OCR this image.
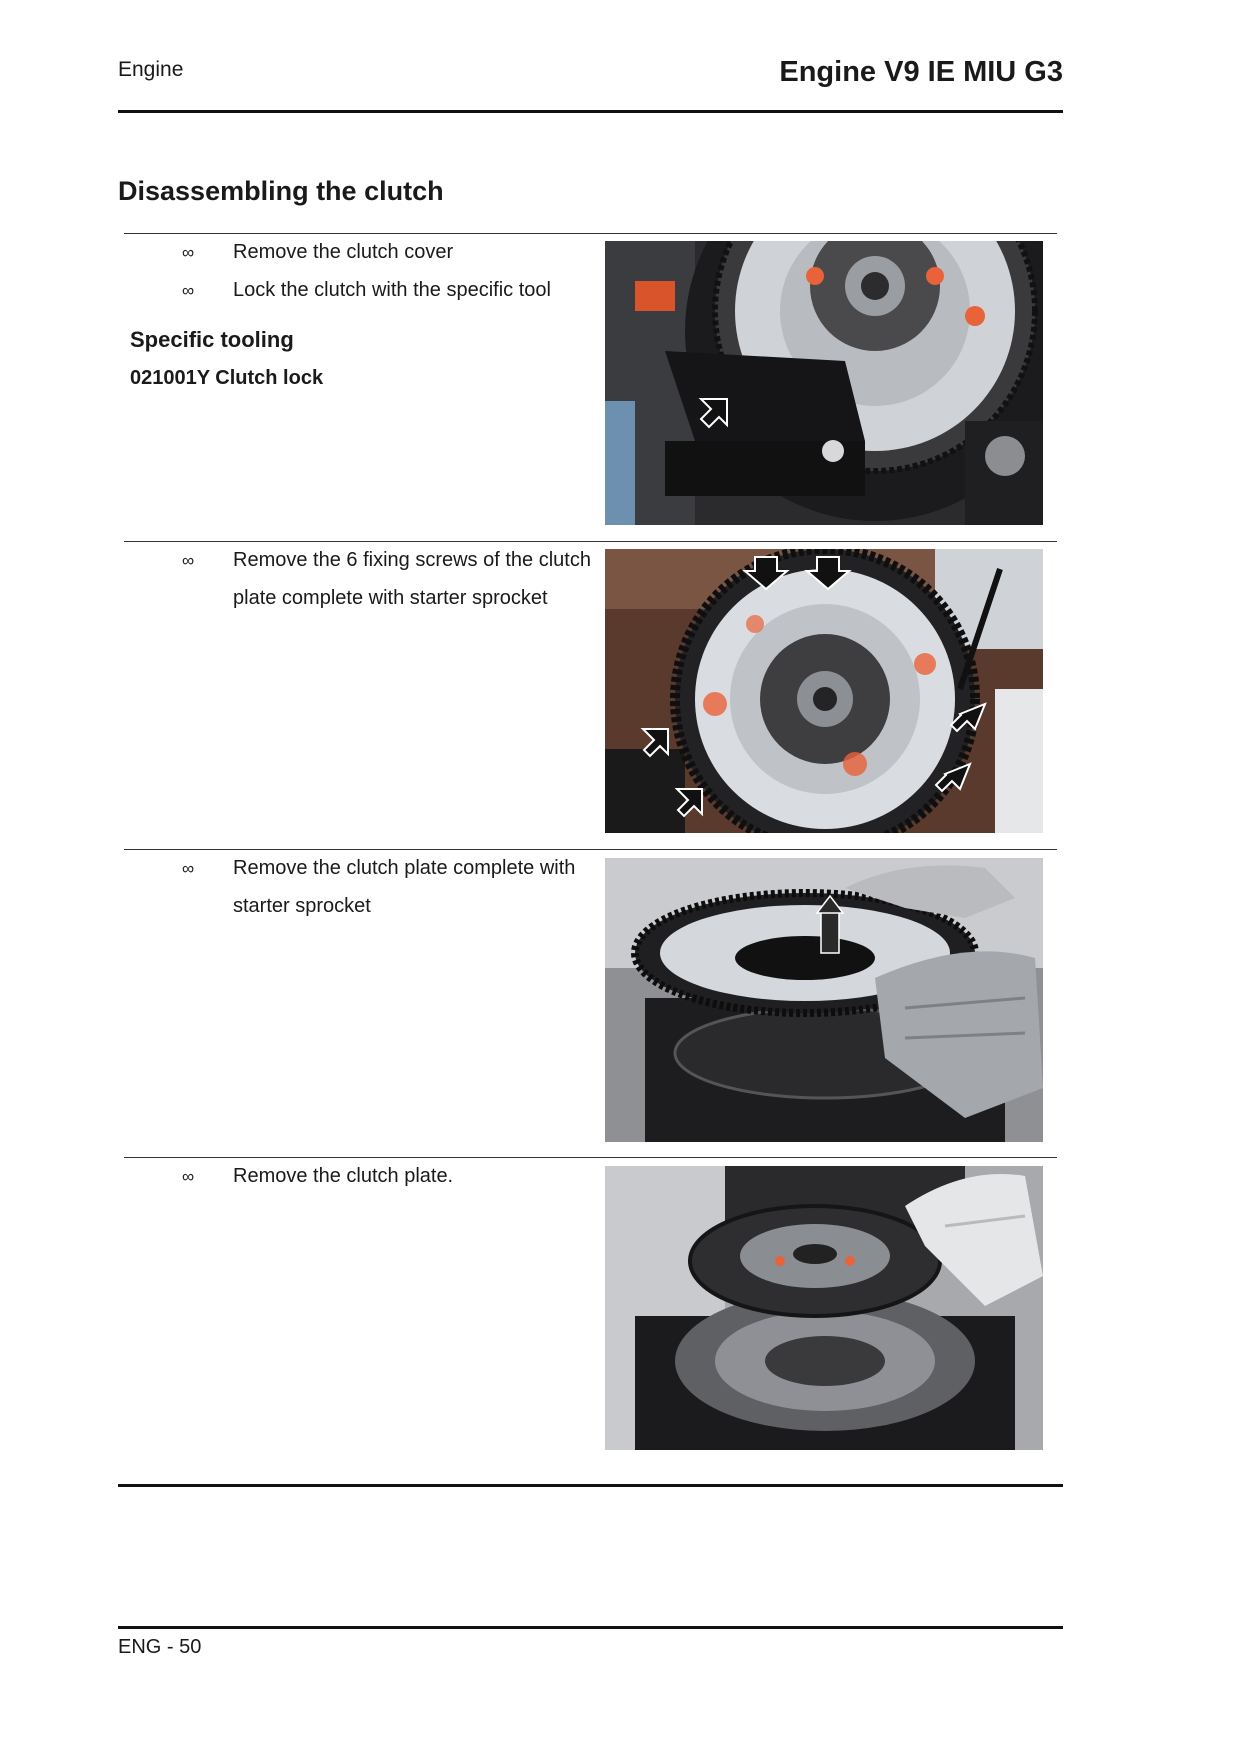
Engine	Engine V9 IE MIU G3
Disassembling the clutch
∞ Remove the clutch cover
∞ Lock the clutch with the specific tool
Specific tooling
021001Y Clutch lock
∞ Remove the 6 fixing screws of the clutch plate complete with starter sprocket
∞ Remove the clutch plate complete with starter sprocket
∞ Remove the clutch plate.
ENG - 50
